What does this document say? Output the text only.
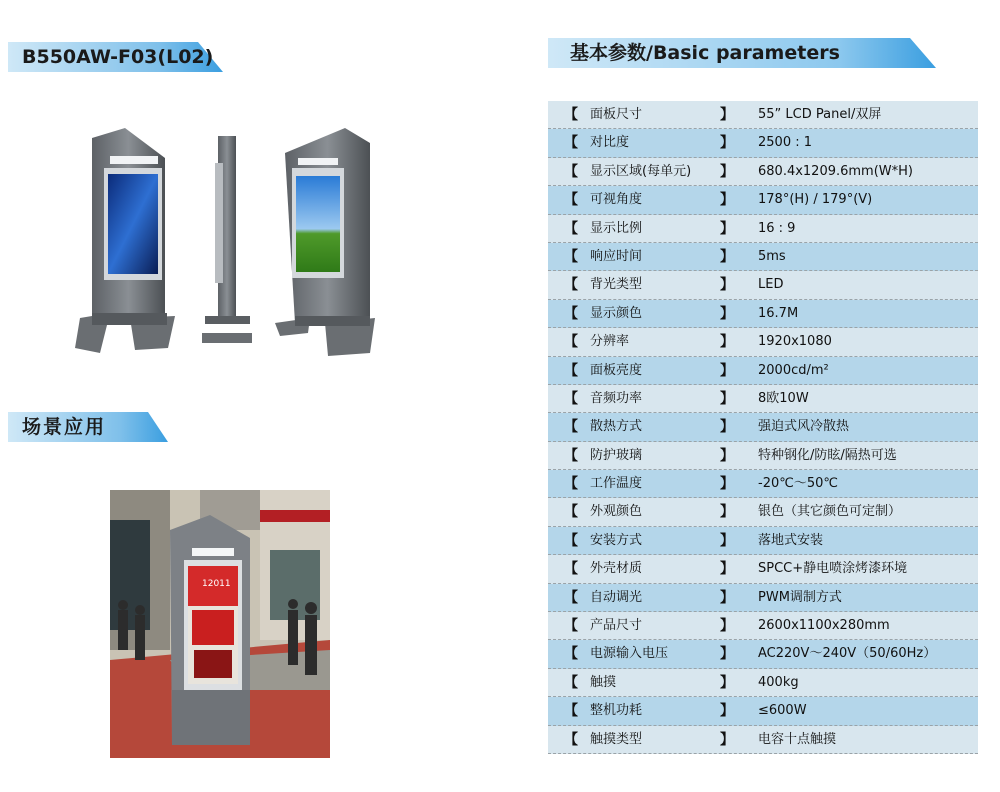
B550AW-F03(L02)
场景应用
12011
基本参数/Basic parameters
【 面板尺寸	】 55” LCD Panel/双屏
【 对比度	】 2500 : 1
【 显示区域(每单元) 】 680.4x1209.6mm(W*H)
【 可视角度	】 178°(H) / 179°(V)
【 显示比例	】 16 : 9
【 响应时间	】 5ms
【 背光类型	】 LED
【 显示颜色	】 16.7M
【 分辨率	】 1920x1080
【 面板亮度	】 2000cd/m²
【 音频功率	】 8欧10W
【 散热方式	】 强迫式风冷散热
【 防护玻璃	】 特种钢化/防眩/隔热可选
【 工作温度	】 -20℃～50℃
【 外观颜色	】 银色（其它颜色可定制）
【 安装方式	】 落地式安装
【 外壳材质	】 SPCC+静电喷涂烤漆环境
【 自动调光	】 PWM调制方式
【 产品尺寸	】 2600x1100x280mm
【 电源输入电压	】 AC220V～240V（50/60Hz）
【 触摸	】 400kg
【 整机功耗	】 ≤600W
【 触摸类型	】 电容十点触摸
